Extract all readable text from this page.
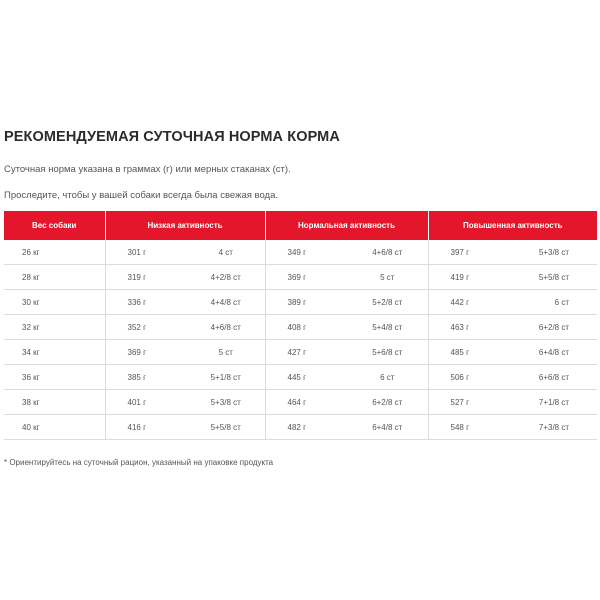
РЕКОМЕНДУЕМАЯ СУТОЧНАЯ НОРМА КОРМА
Суточная норма указана в граммах (г) или мерных стаканах (ст).
Проследите, чтобы у вашей собаки всегда была свежая вода.
Вес собаки	Низкая активность		Нормальная активность		Повышенная активность	
26 кг	301 г	4 ст	349 г	4+6/8 ст	397 г	5+3/8 ст
28 кг	319 г	4+2/8 ст	369 г	5 ст	419 г	5+5/8 ст
30 кг	336 г	4+4/8 ст	389 г	5+2/8 ст	442 г	6 ст
32 кг	352 г	4+6/8 ст	408 г	5+4/8 ст	463 г	6+2/8 ст
34 кг	369 г	5 ст	427 г	5+6/8 ст	485 г	6+4/8 ст
36 кг	385 г	5+1/8 ст	445 г	6 ст	506 г	6+6/8 ст
38 кг	401 г	5+3/8 ст	464 г	6+2/8 ст	527 г	7+1/8 ст
40 кг	416 г	5+5/8 ст	482 г	6+4/8 ст	548 г	7+3/8 ст
* Ориентируйтесь на суточный рацион, указанный на упаковке продукта
